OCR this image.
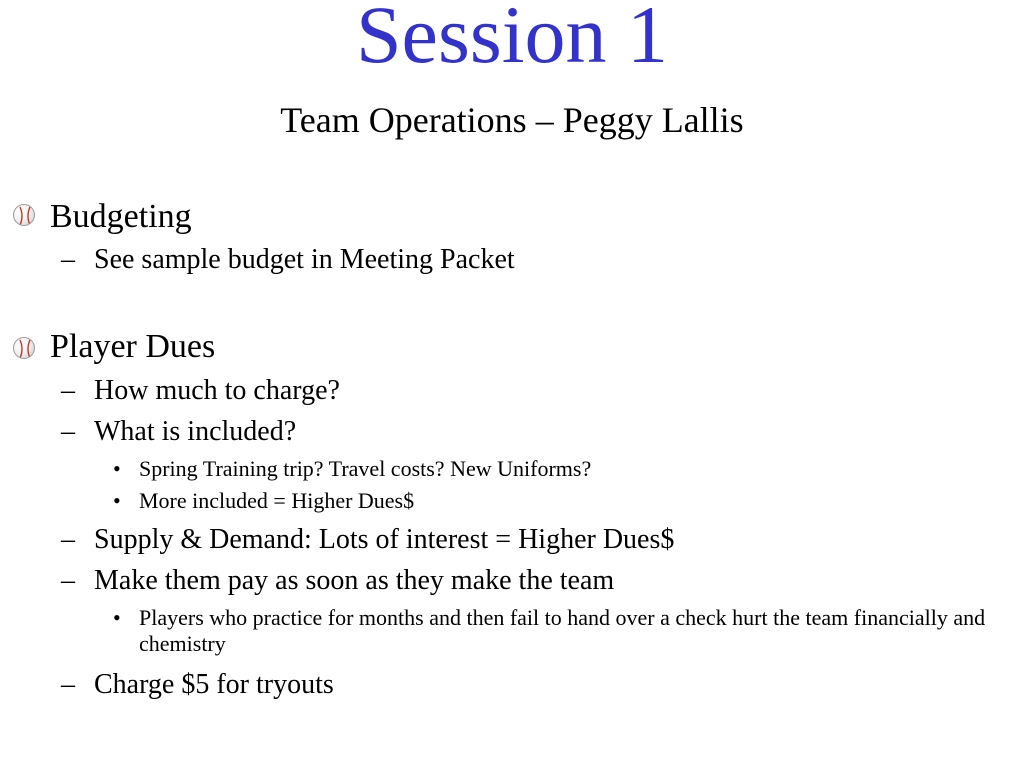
Session 1
Team Operations – Peggy Lallis
Budgeting
– See sample budget in Meeting Packet
Player Dues
– How much to charge?
– What is included?
• Spring Training trip? Travel costs? New Uniforms?
• More included = Higher Dues$
– Supply & Demand: Lots of interest = Higher Dues$
– Make them pay as soon as they make the team
• Players who practice for months and then fail to hand over a check hurt the team financially and chemistry
– Charge $5 for tryouts
